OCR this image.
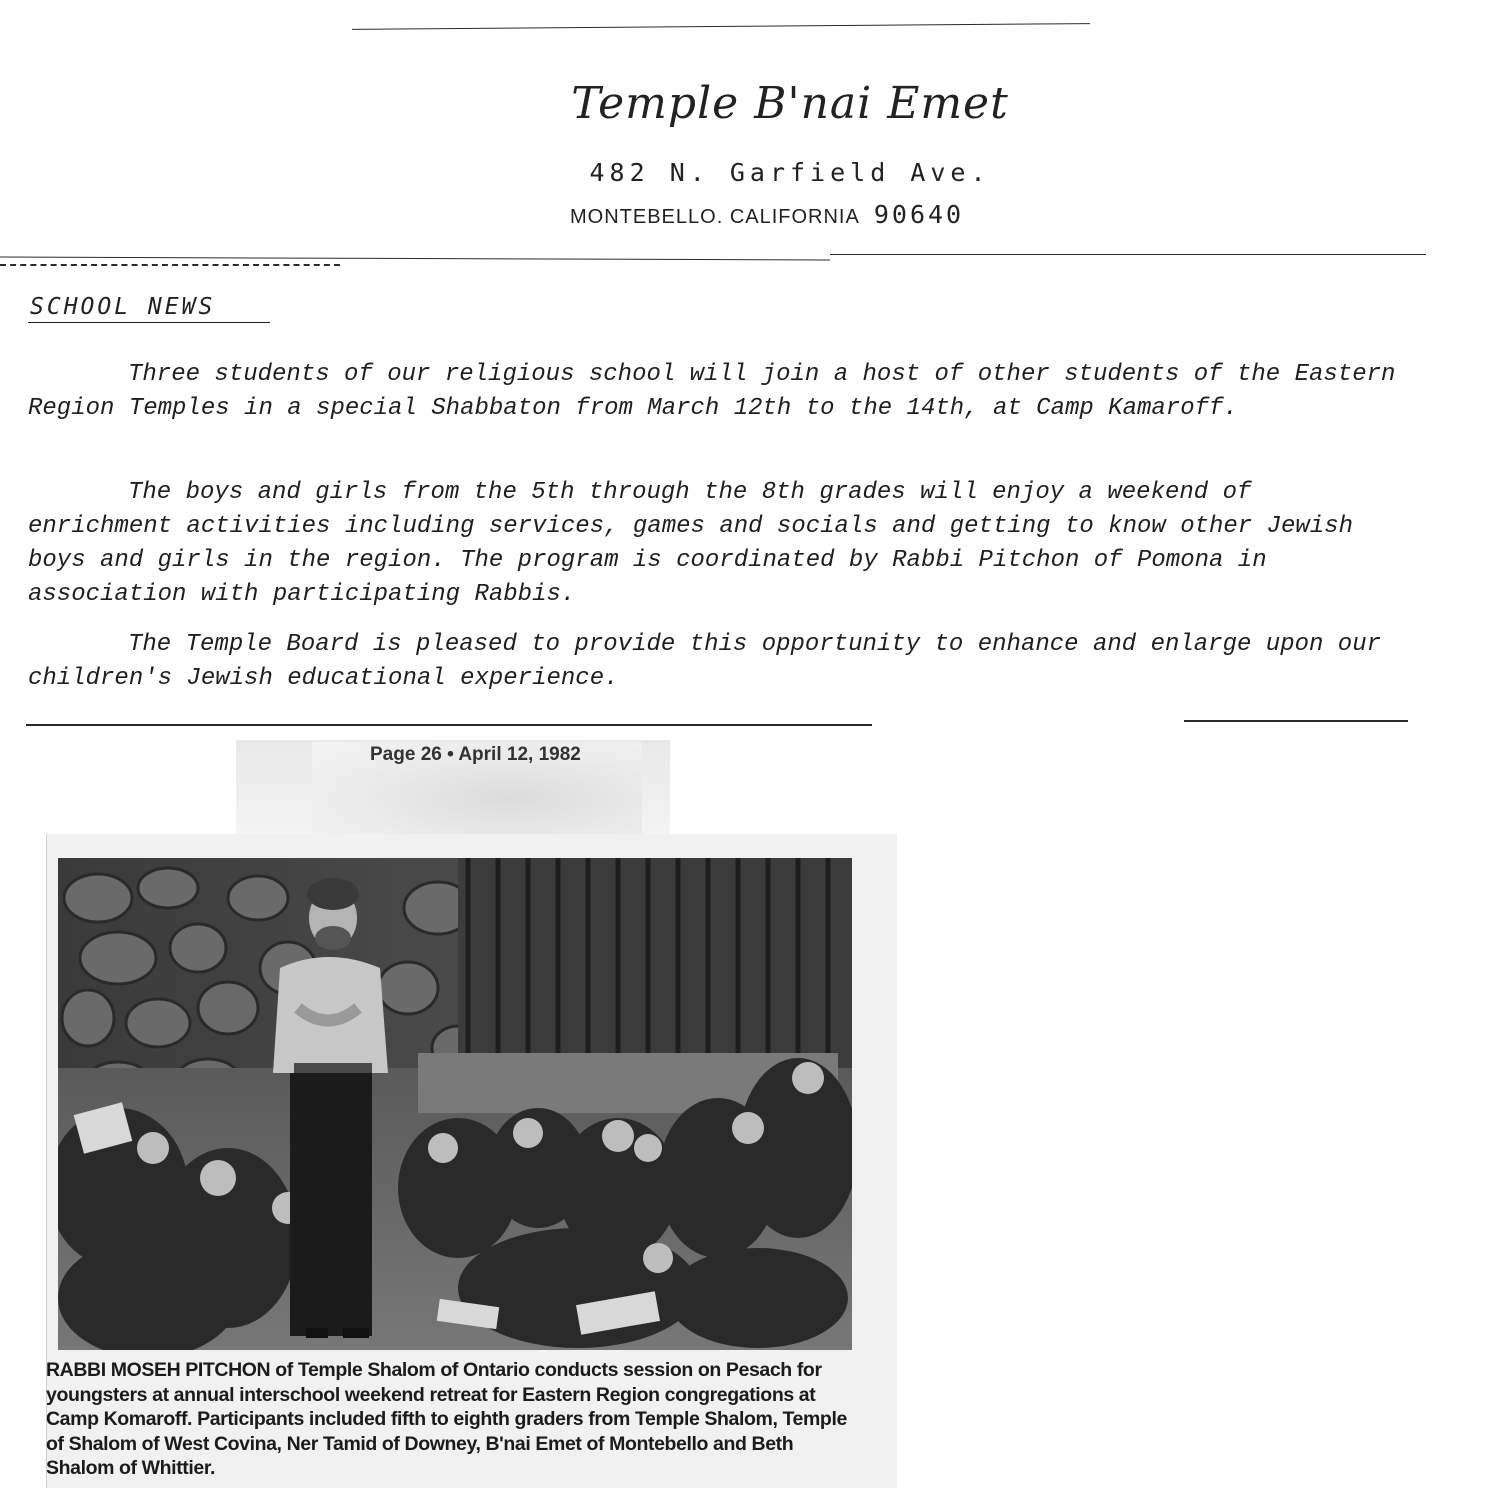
Temple B'nai Emet
482 N. Garfield Ave.
MONTEBELLO. CALIFORNIA 90640
SCHOOL NEWS

Three students of our religious school will join a host of other students of the Eastern Region Temples in a special Shabbaton from March 12th to the 14th, at Camp Kamaroff.

The boys and girls from the 5th through the 8th grades will enjoy a weekend of enrichment activities including services, games and socials and getting to know other Jewish boys and girls in the region. The program is coordinated by Rabbi Pitchon of Pomona in association with participating Rabbis.

The Temple Board is pleased to provide this opportunity to enhance and enlarge upon our children's Jewish educational experience.

Page 26 • April 12, 1982

RABBI MOSEH PITCHON of Temple Shalom of Ontario conducts session on Pesach for youngsters at annual interschool weekend retreat for Eastern Region congregations at Camp Komaroff. Participants included fifth to eighth graders from Temple Shalom, Temple of Shalom of West Covina, Ner Tamid of Downey, B'nai Emet of Montebello and Beth Shalom of Whittier.
